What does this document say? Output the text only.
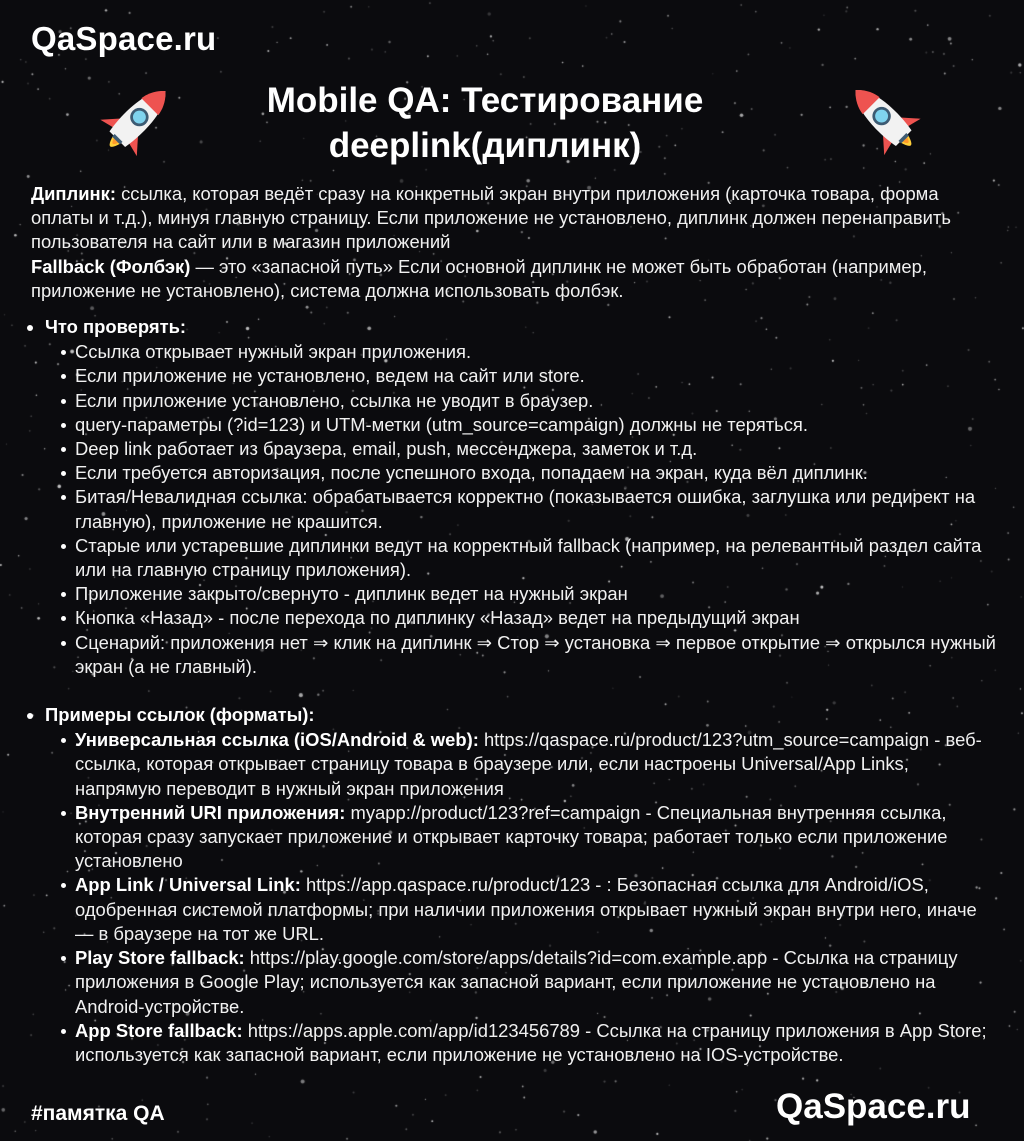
QaSpace.ru
Mobile QA: Тестирование
deeplink(диплинк)

Диплинк: ссылка, которая ведёт сразу на конкретный экран внутри приложения (карточка товара, форма оплаты и т.д.), минуя главную страницу. Если приложение не установлено, диплинк должен перенаправить пользователя на сайт или в магазин приложений

Fallback (Фолбэк) — это «запасной путь» Если основной диплинк не может быть обработан (например, приложение не установлено), система должна использовать фолбэк.

Что проверять:
Ссылка открывает нужный экран приложения.
Если приложение не установлено, ведем на сайт или store.
Если приложение установлено, ссылка не уводит в браузер.
query-параметры (?id=123) и UTM-метки (utm_source=campaign) должны не теряться.
Deep link работает из браузера, email, push, мессенджера, заметок и т.д.
Если требуется авторизация, после успешного входа, попадаем на экран, куда вёл диплинк.
Битая/Невалидная ссылка: обрабатывается корректно (показывается ошибка, заглушка или редирект на главную), приложение не крашится.
Старые или устаревшие диплинки ведут на корректный fallback (например, на релевантный раздел сайта или на главную страницу приложения).
Приложение закрыто/свернуто - диплинк ведет на нужный экран
Кнопка «Назад» - после перехода по диплинку «Назад» ведет на предыдущий экран
Сценарий: приложения нет ⇒ клик на диплинк ⇒ Стор ⇒ установка ⇒ первое открытие ⇒ открылся нужный экран (а не главный).
Примеры ссылок (форматы):
Универсальная ссылка (iOS/Android & web): https://qaspace.ru/product/123?utm_source=campaign - веб-ссылка, которая открывает страницу товара в браузере или, если настроены Universal/App Links, напрямую переводит в нужный экран приложения
Внутренний URI приложения: myapp://product/123?ref=campaign - Специальная внутренняя ссылка, которая сразу запускает приложение и открывает карточку товара; работает только если приложение установлено
App Link / Universal Link: https://app.qaspace.ru/product/123 - : Безопасная ссылка для Android/iOS, одобренная системой платформы; при наличии приложения открывает нужный экран внутри него, иначе — в браузере на тот же URL.
Play Store fallback: https://play.google.com/store/apps/details?id=com.example.app - Ссылка на страницу приложения в Google Play; используется как запасной вариант, если приложение не установлено на Android-устройстве.
App Store fallback: https://apps.apple.com/app/id123456789 - Ссылка на страницу приложения в App Store; используется как запасной вариант, если приложение не установлено на IOS-устройстве.
#памятка QA	QaSpace.ru
